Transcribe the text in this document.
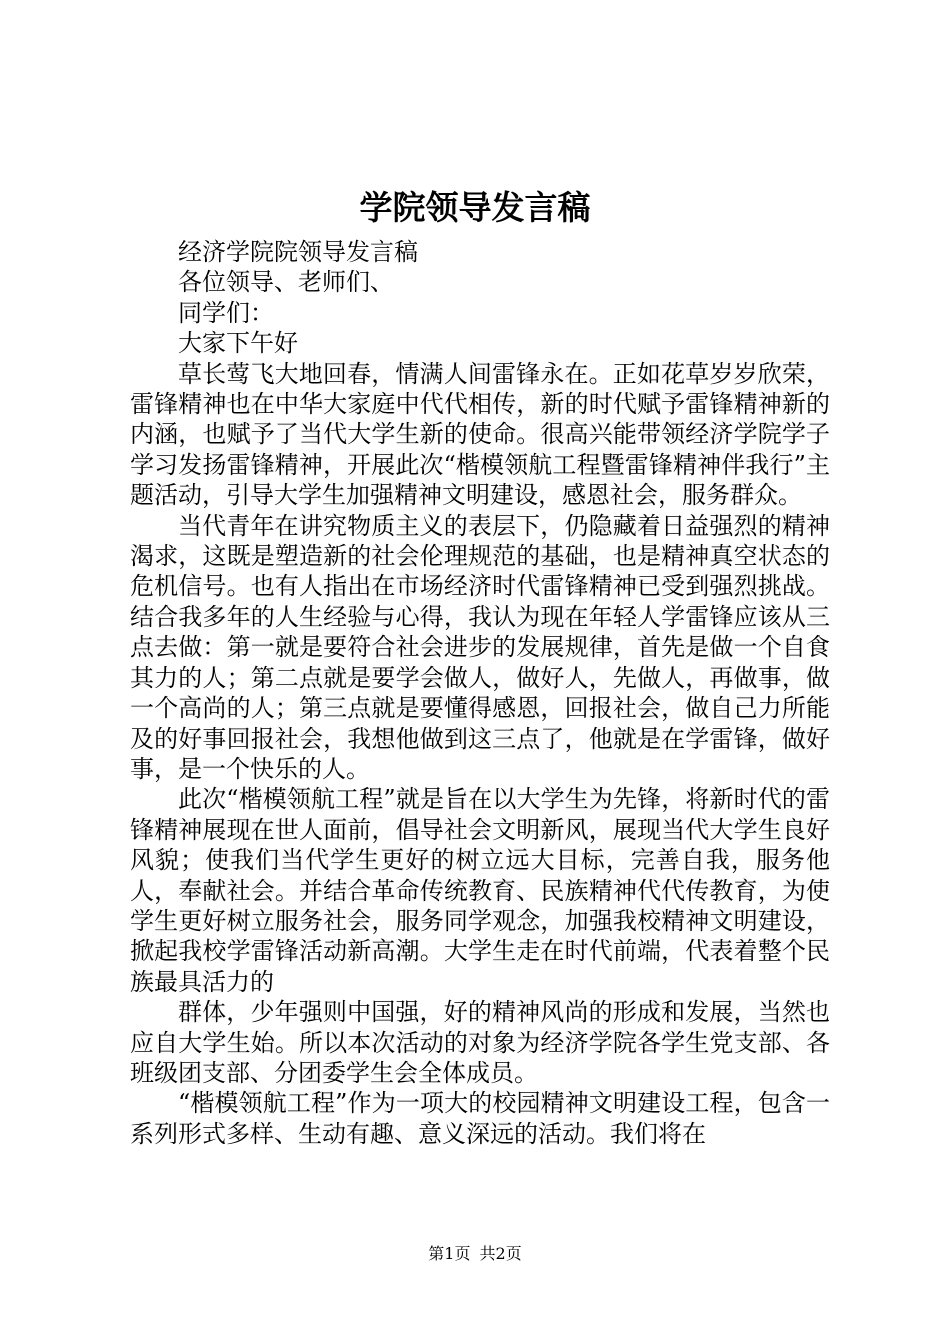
学院领导发言稿

经济学院院领导发言稿

各位领导、老师们、

同学们：

大家下午好

草长莺飞大地回春，情满人间雷锋永在。正如花草岁岁欣荣，雷锋精神也在中华大家庭中代代相传，新的时代赋予雷锋精神新的内涵，也赋予了当代大学生新的使命。很高兴能带领经济学院学子学习发扬雷锋精神，开展此次“楷模领航工程暨雷锋精神伴我行”主题活动，引导大学生加强精神文明建设，感恩社会，服务群众。

当代青年在讲究物质主义的表层下，仍隐藏着日益强烈的精神渴求，这既是塑造新的社会伦理规范的基础，也是精神真空状态的危机信号。也有人指出在市场经济时代雷锋精神已受到强烈挑战。结合我多年的人生经验与心得，我认为现在年轻人学雷锋应该从三点去做：第一就是要符合社会进步的发展规律，首先是做一个自食其力的人；第二点就是要学会做人，做好人，先做人，再做事，做一个高尚的人；第三点就是要懂得感恩，回报社会，做自己力所能及的好事回报社会，我想他做到这三点了，他就是在学雷锋，做好事，是一个快乐的人。

此次“楷模领航工程”就是旨在以大学生为先锋，将新时代的雷锋精神展现在世人面前，倡导社会文明新风，展现当代大学生良好风貌；使我们当代学生更好的树立远大目标，完善自我，服务他人，奉献社会。并结合革命传统教育、民族精神代代传教育，为使学生更好树立服务社会，服务同学观念，加强我校精神文明建设，掀起我校学雷锋活动新高潮。大学生走在时代前端，代表着整个民族最具活力的

群体，少年强则中国强，好的精神风尚的形成和发展，当然也应自大学生始。所以本次活动的对象为经济学院各学生党支部、各班级团支部、分团委学生会全体成员。

“楷模领航工程”作为一项大的校园精神文明建设工程，包含一系列形式多样、生动有趣、意义深远的活动。我们将在

第1页 共2页
